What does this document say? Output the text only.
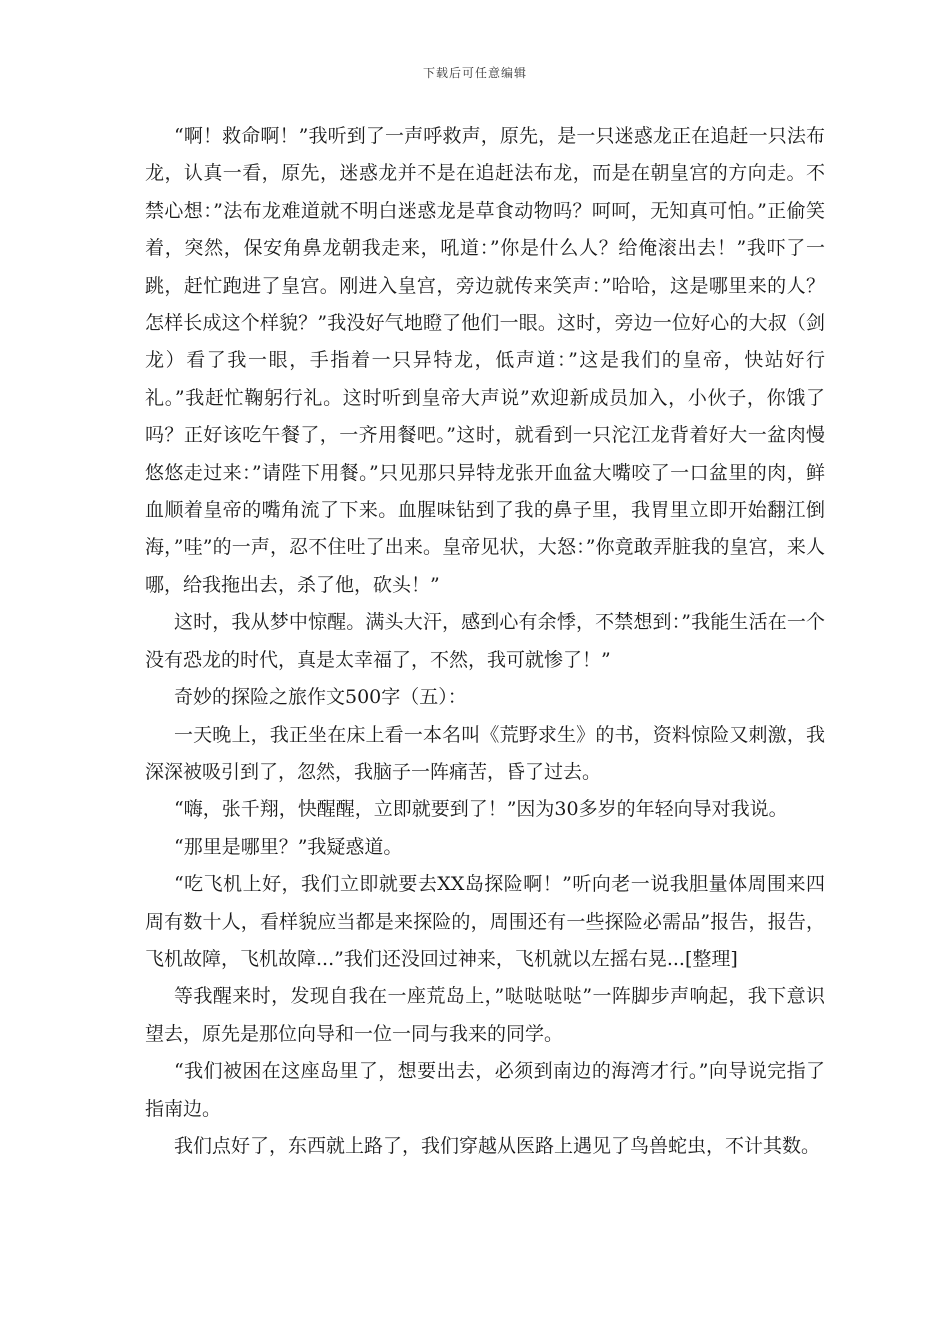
下载后可任意编辑

“啊！救命啊！”我听到了一声呼救声，原先，是一只迷惑龙正在追赶一只法布龙，认真一看，原先，迷惑龙并不是在追赶法布龙，而是在朝皇宫的方向走。不禁心想：”法布龙难道就不明白迷惑龙是草食动物吗？呵呵，无知真可怕。”正偷笑着，突然，保安角鼻龙朝我走来，吼道：”你是什么人？给俺滚出去！”我吓了一跳，赶忙跑进了皇宫。刚进入皇宫，旁边就传来笑声：”哈哈，这是哪里来的人？怎样长成这个样貌？”我没好气地瞪了他们一眼。这时，旁边一位好心的大叔（剑龙）看了我一眼，手指着一只异特龙，低声道：”这是我们的皇帝，快站好行礼。”我赶忙鞠躬行礼。这时听到皇帝大声说”欢迎新成员加入，小伙子，你饿了吗？正好该吃午餐了，一齐用餐吧。”这时，就看到一只沱江龙背着好大一盆肉慢悠悠走过来：”请陛下用餐。”只见那只异特龙张开血盆大嘴咬了一口盆里的肉，鲜血顺着皇帝的嘴角流了下来。血腥味钻到了我的鼻子里，我胃里立即开始翻江倒海，”哇”的一声，忍不住吐了出来。皇帝见状，大怒：”你竟敢弄脏我的皇宫，来人哪，给我拖出去，杀了他，砍头！”

这时，我从梦中惊醒。满头大汗，感到心有余悸，不禁想到：”我能生活在一个没有恐龙的时代，真是太幸福了，不然，我可就惨了！”

奇妙的探险之旅作文500字（五）：

一天晚上，我正坐在床上看一本名叫《荒野求生》的书，资料惊险又刺激，我深深被吸引到了，忽然，我脑子一阵痛苦，昏了过去。

“嗨，张千翔，快醒醒，立即就要到了！”因为30多岁的年轻向导对我说。

“那里是哪里？”我疑惑道。

“吃飞机上好，我们立即就要去XX岛探险啊！”听向老一说我胆量体周围来四周有数十人，看样貌应当都是来探险的，周围还有一些探险必需品”报告，报告，飞机故障，飞机故障...”我们还没回过神来，飞机就以左摇右晃...[整理]

等我醒来时，发现自我在一座荒岛上，”哒哒哒哒”一阵脚步声响起，我下意识望去，原先是那位向导和一位一同与我来的同学。

“我们被困在这座岛里了，想要出去，必须到南边的海湾才行。”向导说完指了指南边。

我们点好了，东西就上路了，我们穿越从医路上遇见了鸟兽蛇虫，不计其数。
